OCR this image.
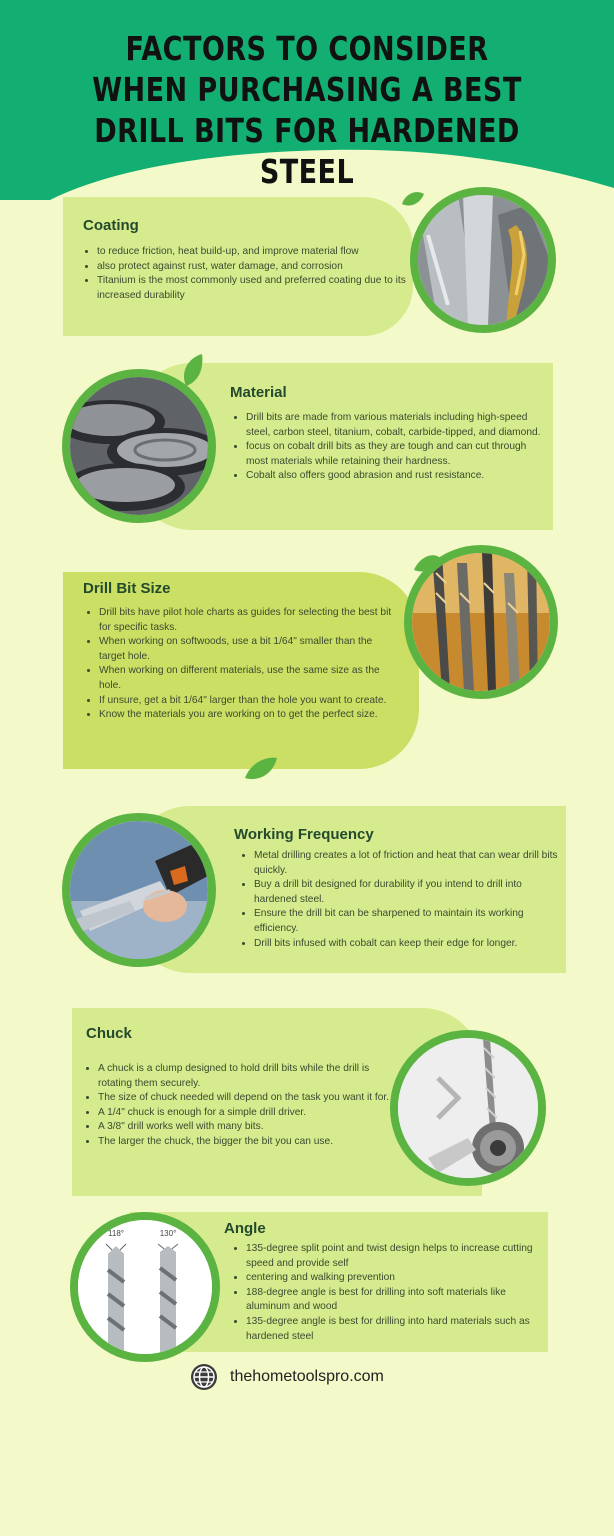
FACTORS TO CONSIDER
WHEN PURCHASING A BEST
DRILL BITS FOR HARDENED
STEEL
Coating
• to reduce friction, heat build-up, and improve material flow
• also protect against rust, water damage, and corrosion
• Titanium is the most commonly used and preferred coating due to its increased durability
Material
• Drill bits are made from various materials including high-speed steel, carbon steel, titanium, cobalt, carbide-tipped, and diamond.
• focus on cobalt drill bits as they are tough and can cut through most materials while retaining their hardness.
• Cobalt also offers good abrasion and rust resistance.
Drill Bit Size
• Drill bits have pilot hole charts as guides for selecting the best bit for specific tasks.
• When working on softwoods, use a bit 1/64" smaller than the target hole.
• When working on different materials, use the same size as the hole.
• If unsure, get a bit 1/64" larger than the hole you want to create.
• Know the materials you are working on to get the perfect size.
Working Frequency
• Metal drilling creates a lot of friction and heat that can wear drill bits quickly.
• Buy a drill bit designed for durability if you intend to drill into hardened steel.
• Ensure the drill bit can be sharpened to maintain its working efficiency.
• Drill bits infused with cobalt can keep their edge for longer.
Chuck
• A chuck is a clump designed to hold drill bits while the drill is rotating them securely.
• The size of chuck needed will depend on the task you want it for.
• A 1/4" chuck is enough for a simple drill driver.
• A 3/8" drill works well with many bits.
• The larger the chuck, the bigger the bit you can use.
Angle
• 135-degree split point and twist design helps to increase cutting speed and provide self
• centering and walking prevention
• 188-degree angle is best for drilling into soft materials like aluminum and wood
• 135-degree angle is best for drilling into hard materials such as hardened steel
118°	130°
thehometoolspro.com
